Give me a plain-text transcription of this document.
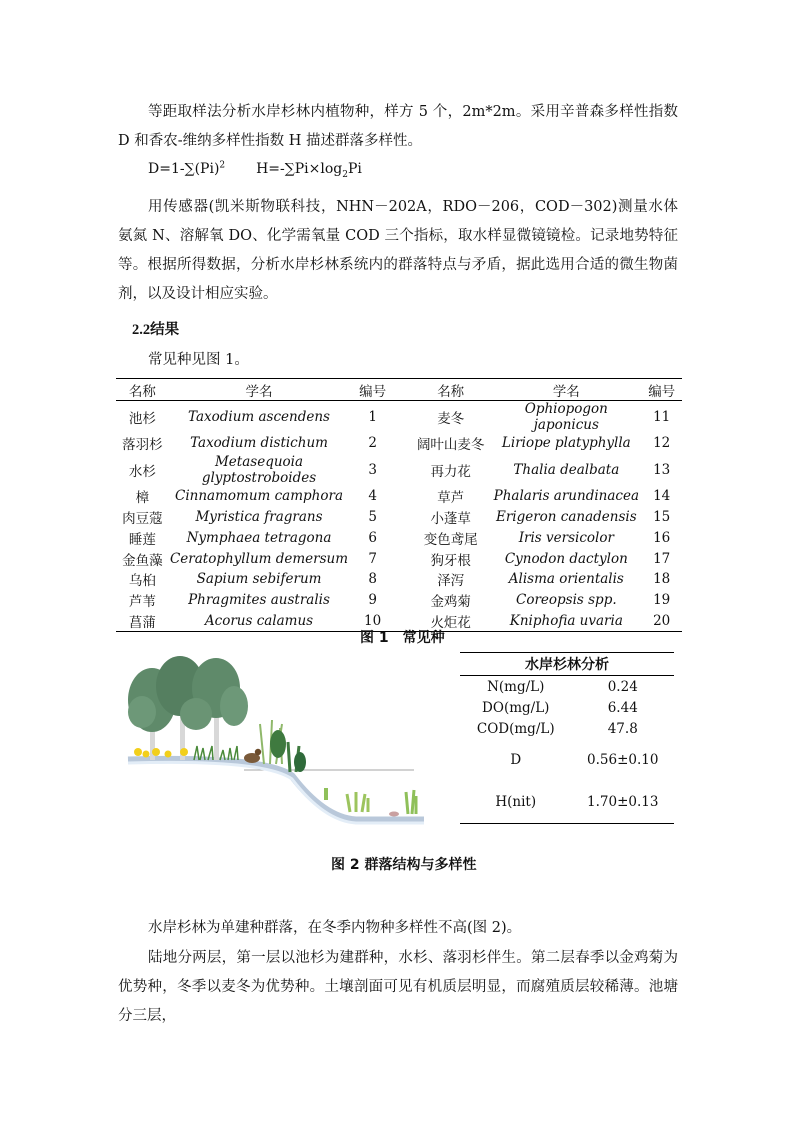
等距取样法分析水岸杉林内植物种，样方 5 个，2m*2m。采用辛普森多样性指数 D 和香农-维纳多样性指数 H 描述群落多样性。

$D=1-\sum(Pi)^2$ $H=-\sum Pi\times\log_2Pi$

用传感器(凯米斯物联科技，NHN－202A，RDO－206，COD－302)测量水体氨氮 N、溶解氧 DO、化学需氧量 COD 三个指标，取水样显微镜镜检。记录地势特征等。根据所得数据，分析水岸杉林系统内的群落特点与矛盾，据此选用合适的微生物菌剂，以及设计相应实验。

2.2结果

常见种见图 1。

名称	学名	编号		名称	学名	编号
池杉	Taxodium ascendens	1		麦冬	Ophiopogon japonicus	11
落羽杉	Taxodium distichum	2		阔叶山麦冬	Liriope platyphylla	12
水杉	Metasequoia glyptostroboides	3		再力花	Thalia dealbata	13
樟	Cinnamomum camphora	4		草芦	Phalaris arundinacea	14
肉豆蔻	Myristica fragrans	5		小蓬草	Erigeron canadensis	15
睡莲	Nymphaea tetragona	6		变色鸢尾	Iris versicolor	16
金鱼藻	Ceratophyllum demersum	7		狗牙根	Cynodon dactylon	17
乌桕	Sapium sebiferum	8		泽泻	Alisma orientalis	18
芦苇	Phragmites australis	9		金鸡菊	Coreopsis spp.	19
菖蒲	Acorus calamus	10		火炬花	Kniphofia uvaria	20
图 1　常见种
水岸杉林分析	
N(mg/L)	0.24
DO(mg/L)	6.44
COD(mg/L)	47.8
D	0.56±0.10
H(nit)	1.70±0.13
图 2 群落结构与多样性

水岸杉林为单建种群落，在冬季内物种多样性不高(图 2)。

陆地分两层，第一层以池杉为建群种，水杉、落羽杉伴生。第二层春季以金鸡菊为优势种，冬季以麦冬为优势种。土壤剖面可见有机质层明显，而腐殖质层较稀薄。池塘分三层，
